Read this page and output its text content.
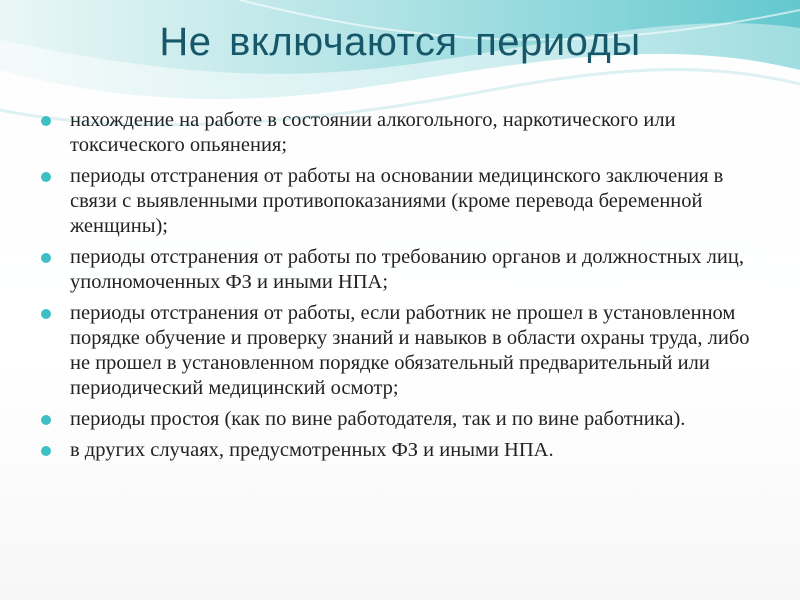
Не включаются периоды
нахождение на работе в состоянии алкогольного, наркотического или токсического опьянения;
периоды отстранения от работы на основании медицинского заключения в связи с выявленными противопоказаниями (кроме перевода беременной женщины);
периоды отстранения от работы по требованию органов и должностных лиц, уполномоченных ФЗ и иными НПА;
периоды отстранения от работы, если работник не прошел в установленном порядке обучение и проверку знаний и навыков в области охраны труда, либо не прошел в установленном порядке обязательный предварительный или периодический медицинский осмотр;
периоды простоя (как по вине работодателя, так и по вине работника).
в других случаях, предусмотренных ФЗ и иными НПА.
